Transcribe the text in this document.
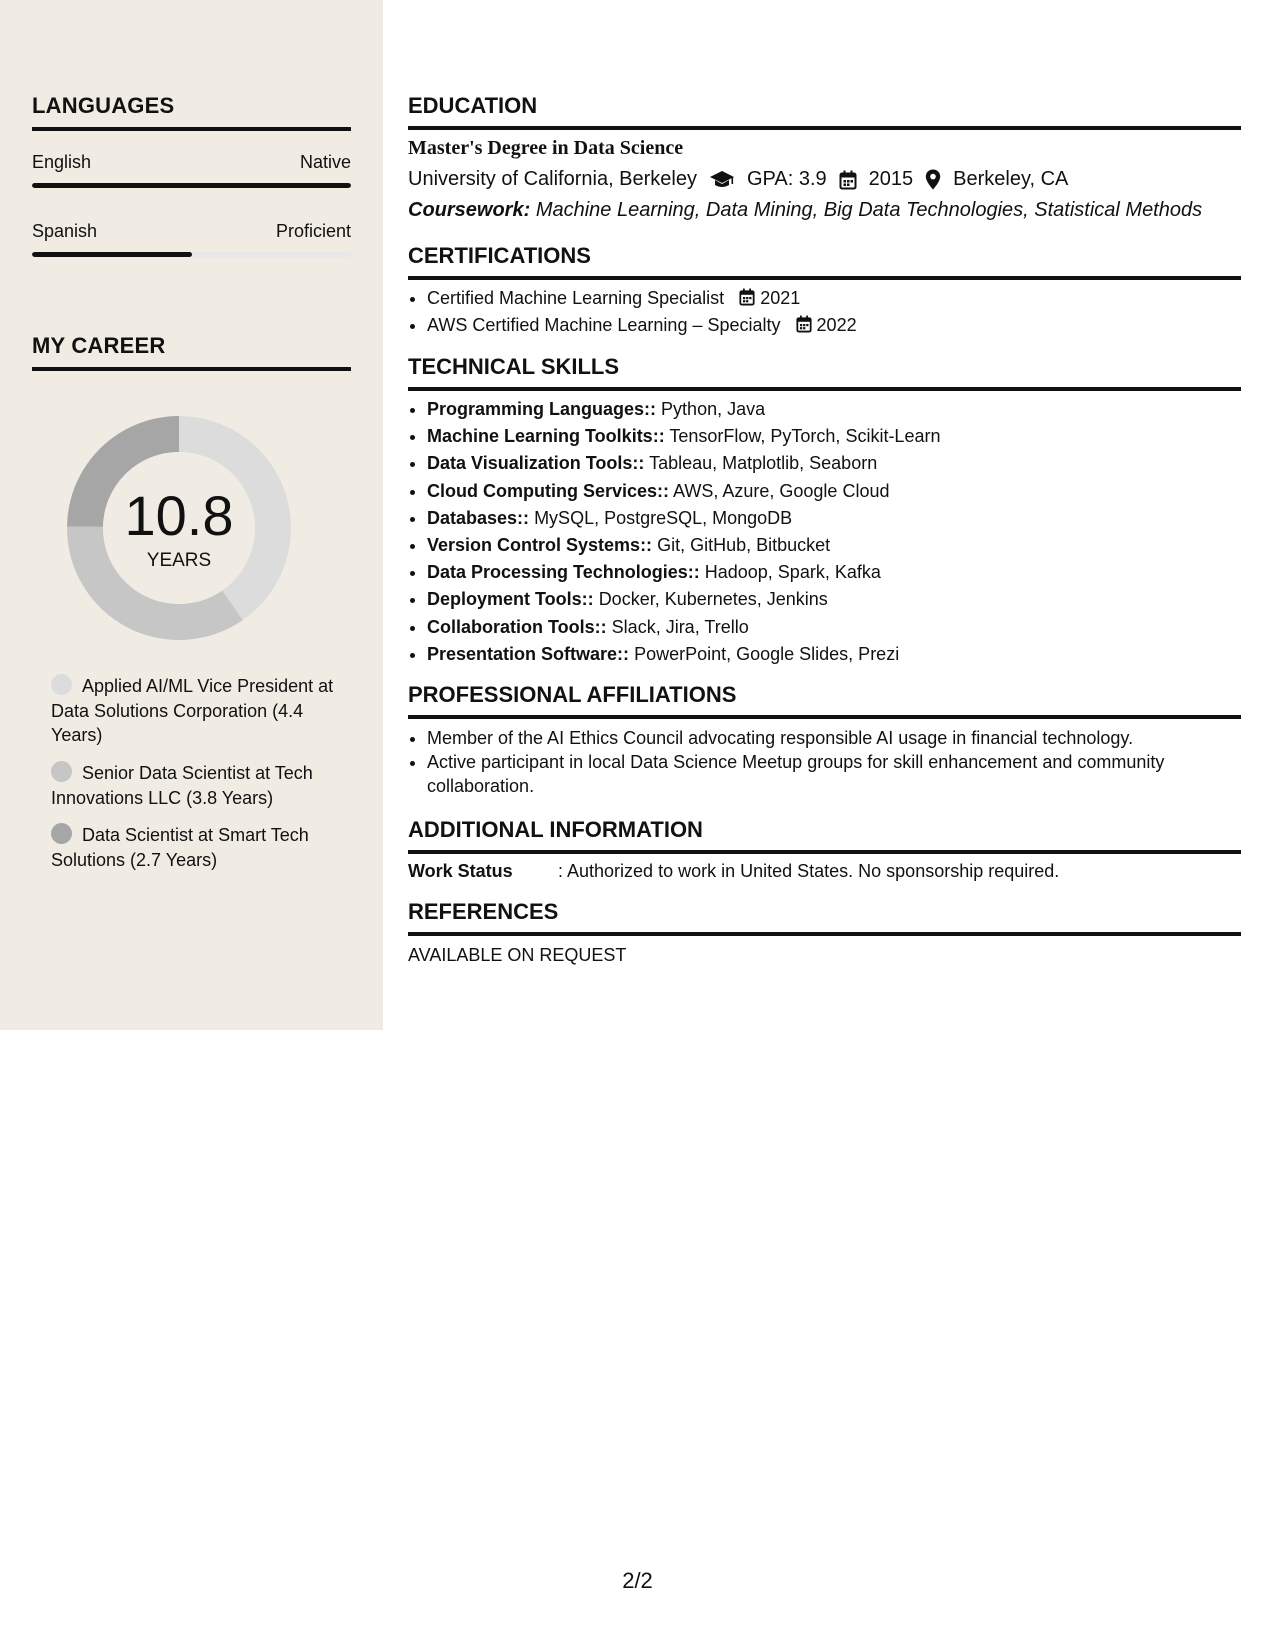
LANGUAGES
English	Native
Spanish	Proficient
MY CAREER
10.8
YEARS
Applied AI/ML Vice President at Data Solutions Corporation (4.4 Years)
Senior Data Scientist at Tech Innovations LLC (3.8 Years)
Data Scientist at Smart Tech Solutions (2.7 Years)
EDUCATION
Master's Degree in Data Science
University of California, Berkeley	GPA: 3.9 2015 Berkeley, CA
Coursework: Machine Learning, Data Mining, Big Data Technologies, Statistical Methods
CERTIFICATIONS
• Certified Machine Learning Specialist 2021
• AWS Certified Machine Learning – Specialty 2022
TECHNICAL SKILLS
• Programming Languages:: Python, Java
• Machine Learning Toolkits:: TensorFlow, PyTorch, Scikit-Learn
• Data Visualization Tools:: Tableau, Matplotlib, Seaborn
• Cloud Computing Services:: AWS, Azure, Google Cloud
• Databases:: MySQL, PostgreSQL, MongoDB
• Version Control Systems:: Git, GitHub, Bitbucket
• Data Processing Technologies:: Hadoop, Spark, Kafka
• Deployment Tools:: Docker, Kubernetes, Jenkins
• Collaboration Tools:: Slack, Jira, Trello
• Presentation Software:: PowerPoint, Google Slides, Prezi
PROFESSIONAL AFFILIATIONS
• Member of the AI Ethics Council advocating responsible AI usage in financial technology.
• Active participant in local Data Science Meetup groups for skill enhancement and community collaboration.
ADDITIONAL INFORMATION
Work Status	: Authorized to work in United States. No sponsorship required.
REFERENCES
AVAILABLE ON REQUEST
2/2
